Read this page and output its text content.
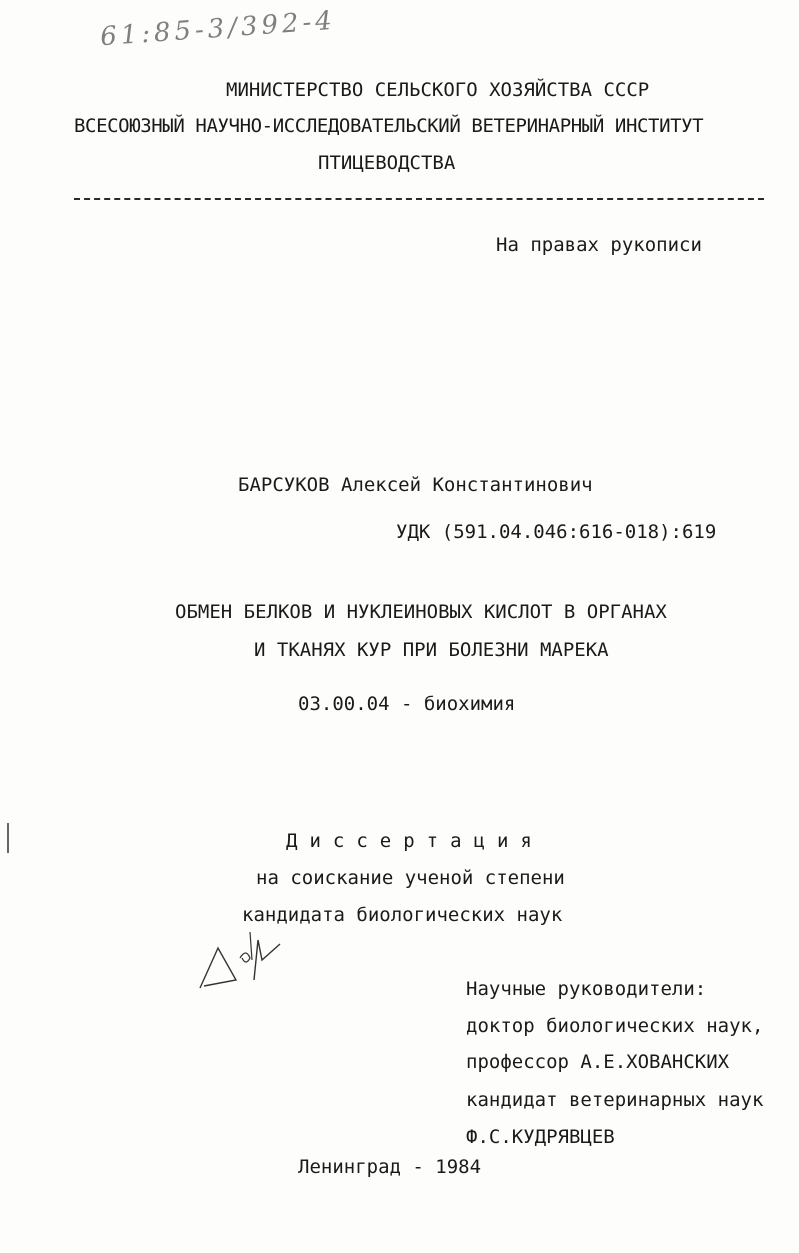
61:85-3/392-4
МИНИСТЕРСТВО СЕЛЬСКОГО ХОЗЯЙСТВА СССР
ВСЕСОЮЗНЫЙ НАУЧНО-ИССЛЕДОВАТЕЛЬСКИЙ ВЕТЕРИНАРНЫЙ ИНСТИТУТ
ПТИЦЕВОДСТВА
На правах рукописи
БАРСУКОВ Алексей Константинович
УДК (591.04.046:616-018):619
ОБМЕН БЕЛКОВ И НУКЛЕИНОВЫХ КИСЛОТ В ОРГАНАХ
И ТКАНЯХ КУР ПРИ БОЛЕЗНИ МАРЕКА
03.00.04 - биохимия
Диссертация
на соискание ученой степени
кандидата биологических наук
Научные руководители:
доктор биологических наук,
профессор А.Е.ХОВАНСКИХ
кандидат ветеринарных наук
Ф.С.КУДРЯВЦЕВ
Ленинград - 1984
